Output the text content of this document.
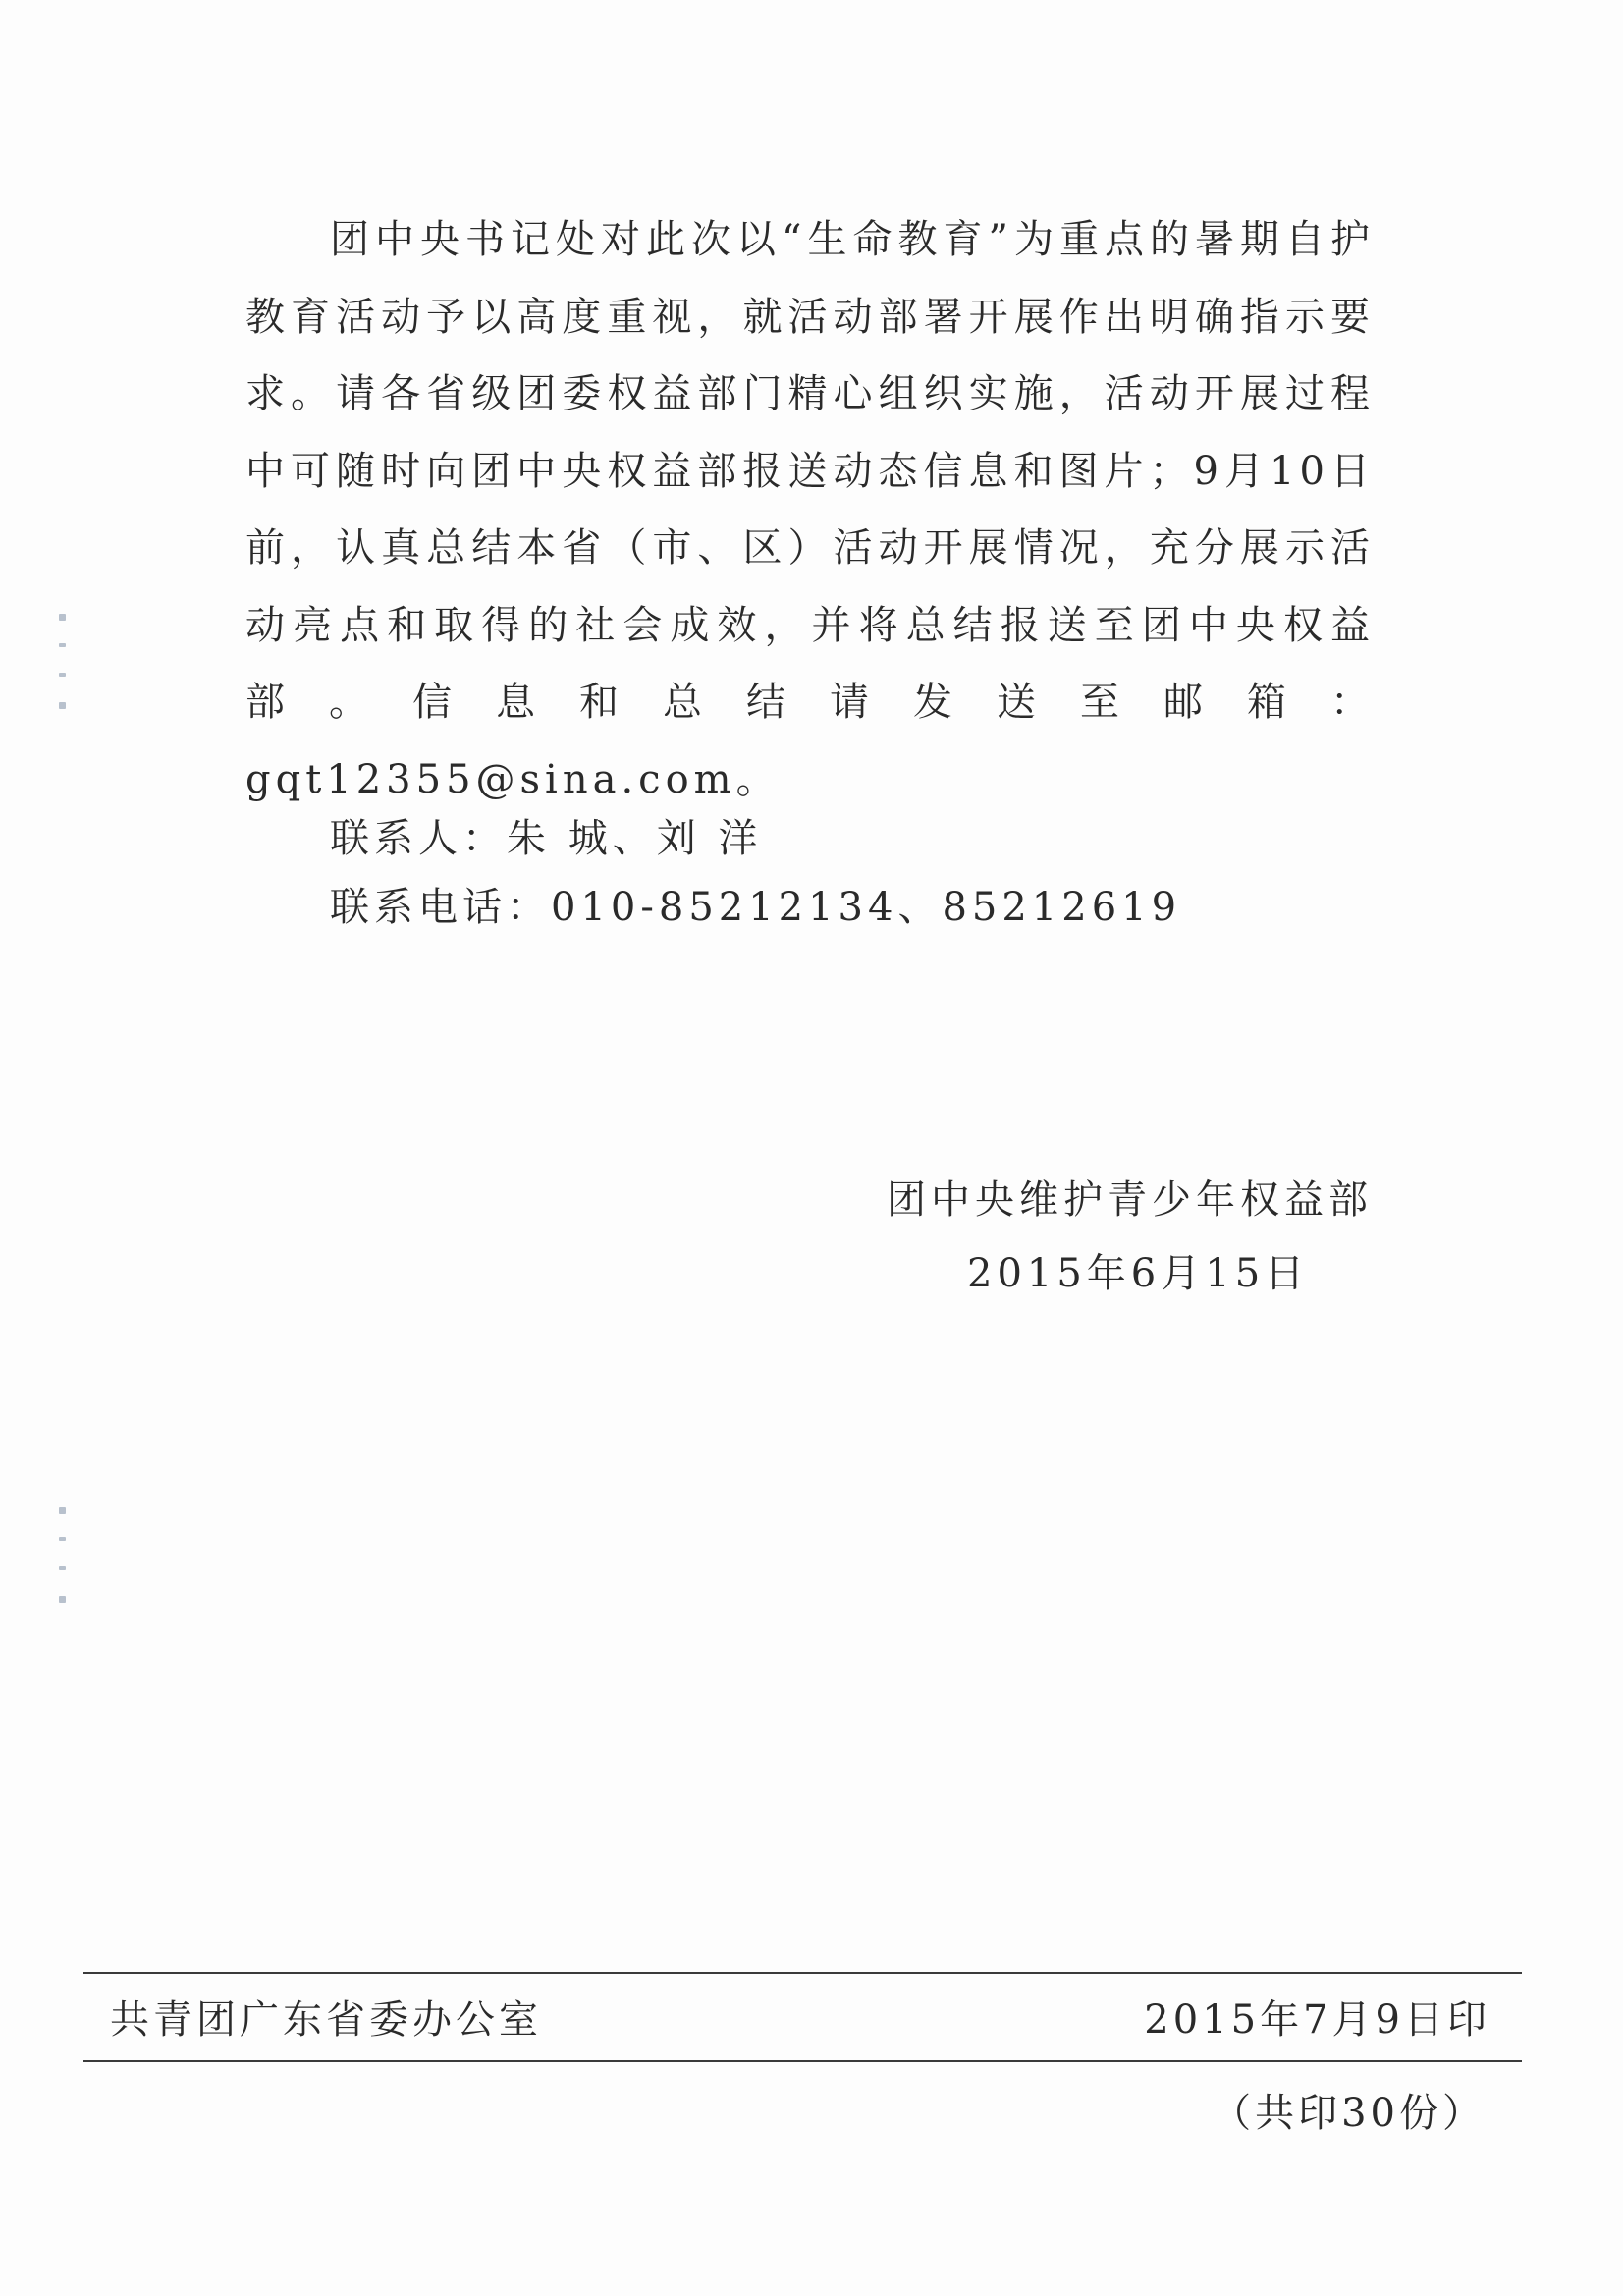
团中央书记处对此次以“生命教育”为重点的暑期自护教育活动予以高度重视，就活动部署开展作出明确指示要求。请各省级团委权益部门精心组织实施，活动开展过程中可随时向团中央权益部报送动态信息和图片；9月10日前，认真总结本省（市、区）活动开展情况，充分展示活动亮点和取得的社会成效，并将总结报送至团中央权益部。信息和总结请发送至邮箱：gqt12355@sina.com。

联系人：朱 城、刘 洋
联系电话：010-85212134、85212619
团中央维护青少年权益部
2015年6月15日
共青团广东省委办公室	2015年7月9日印
（共印30份）
